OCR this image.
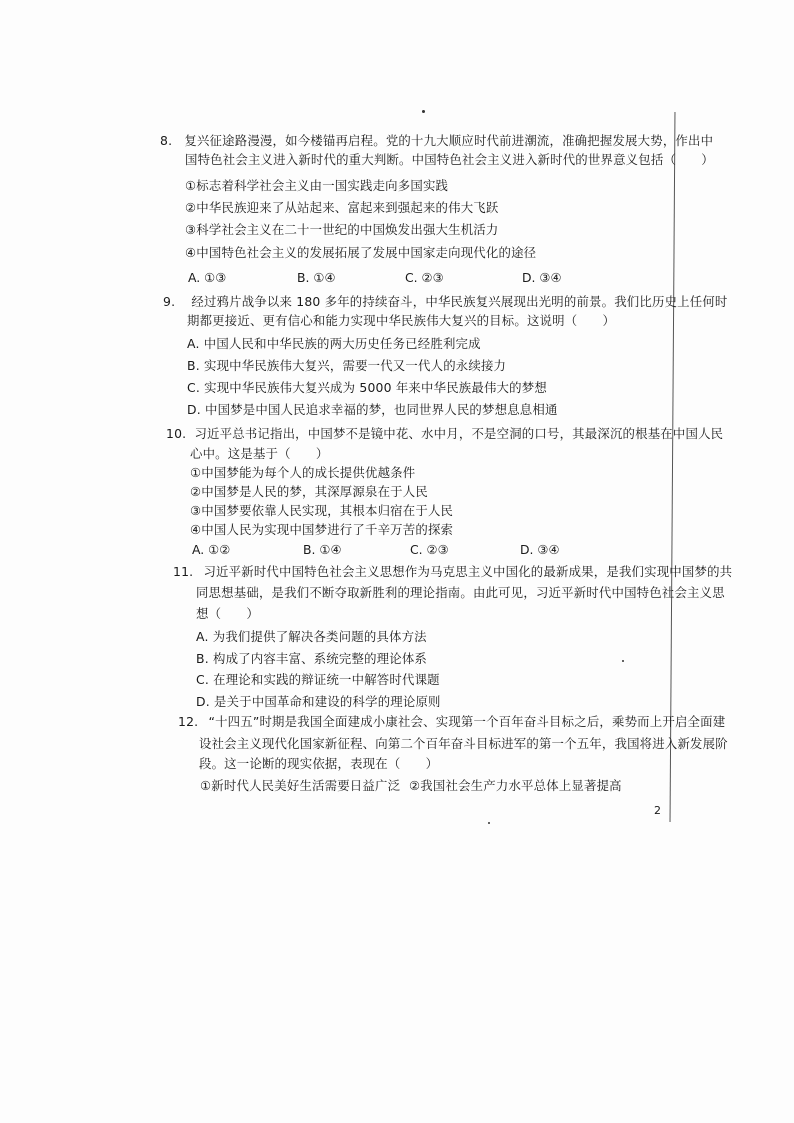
8. 复兴征途路漫漫，如今楼锚再启程。党的十九大顺应时代前进潮流，准确把握发展大势，作出中
国特色社会主义进入新时代的重大判断。中国特色社会主义进入新时代的世界意义包括（　　）
①标志着科学社会主义由一国实践走向多国实践
②中华民族迎来了从站起来、富起来到强起来的伟大飞跃
③科学社会主义在二十一世纪的中国焕发出强大生机活力
④中国特色社会主义的发展拓展了发展中国家走向现代化的途径
A. ①③	B. ①④	C. ②③	D. ③④
9. 经过鸦片战争以来 180 多年的持续奋斗，中华民族复兴展现出光明的前景。我们比历史上任何时
期都更接近、更有信心和能力实现中华民族伟大复兴的目标。这说明（　　）
A. 中国人民和中华民族的两大历史任务已经胜利完成
B. 实现中华民族伟大复兴，需要一代又一代人的永续接力
C. 实现中华民族伟大复兴成为 5000 年来中华民族最伟大的梦想
D. 中国梦是中国人民追求幸福的梦，也同世界人民的梦想息息相通
10. 习近平总书记指出，中国梦不是镜中花、水中月，不是空洞的口号，其最深沉的根基在中国人民
心中。这是基于（　　）
①中国梦能为每个人的成长提供优越条件
②中国梦是人民的梦，其深厚源泉在于人民
③中国梦要依靠人民实现，其根本归宿在于人民
④中国人民为实现中国梦进行了千辛万苦的探索
A. ①②	B. ①④	C. ②③	D. ③④
11. 习近平新时代中国特色社会主义思想作为马克思主义中国化的最新成果，是我们实现中国梦的共
同思想基础，是我们不断夺取新胜利的理论指南。由此可见，习近平新时代中国特色社会主义思
想（　　）
A. 为我们提供了解决各类问题的具体方法
B. 构成了内容丰富、系统完整的理论体系
C. 在理论和实践的辩证统一中解答时代课题
D. 是关于中国革命和建设的科学的理论原则
12. “十四五”时期是我国全面建成小康社会、实现第一个百年奋斗目标之后，乘势而上开启全面建
设社会主义现代化国家新征程、向第二个百年奋斗目标进军的第一个五年，我国将进入新发展阶
段。这一论断的现实依据，表现在（　　）
①新时代人民美好生活需要日益广泛 ②我国社会生产力水平总体上显著提高
2
